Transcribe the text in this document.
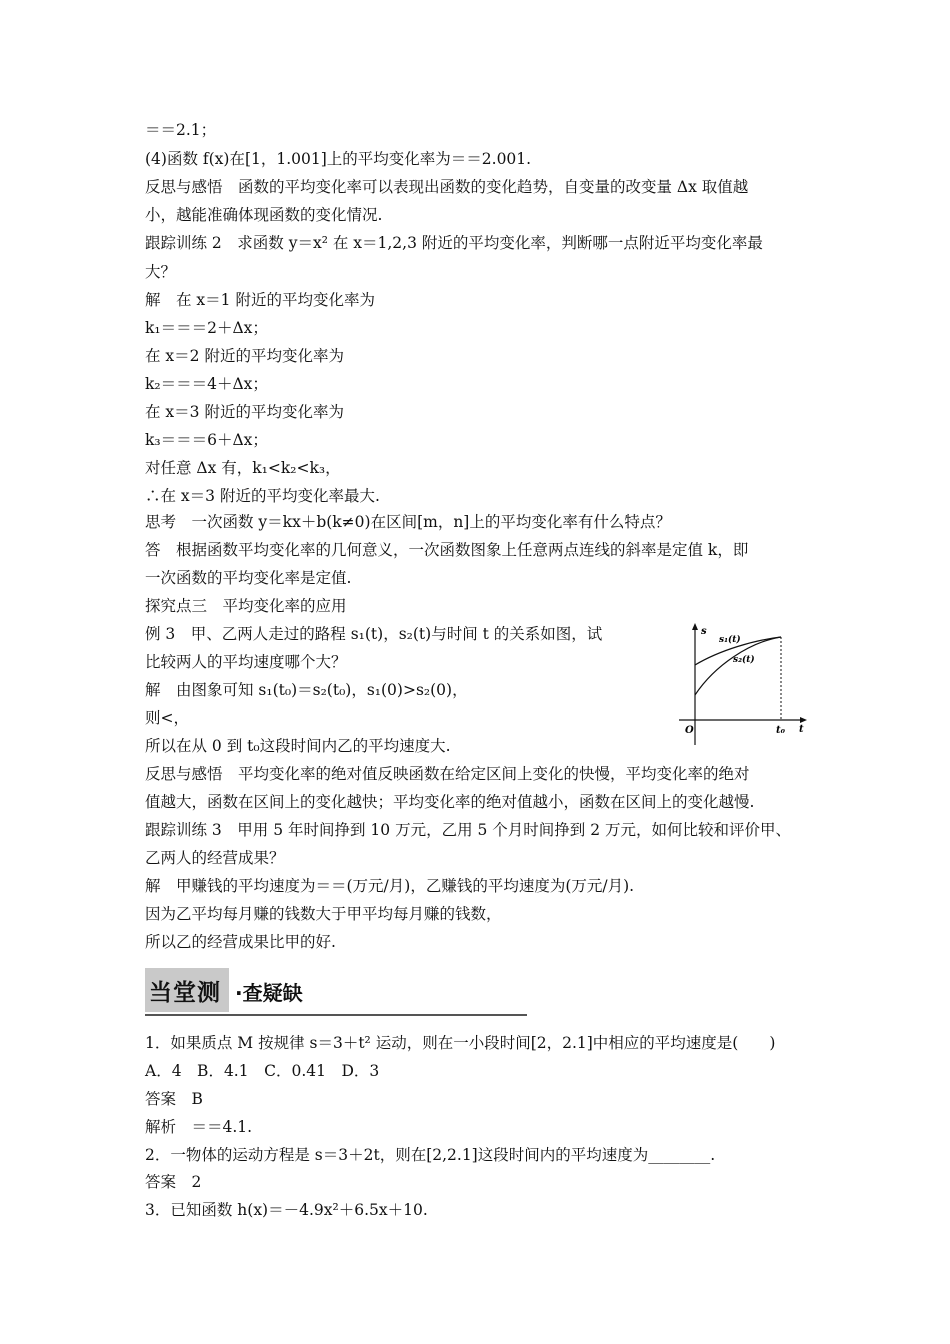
＝＝2.1；
(4)函数 f(x)在[1，1.001]上的平均变化率为＝＝2.001.
反思与感悟　函数的平均变化率可以表现出函数的变化趋势，自变量的改变量 Δx 取值越
小，越能准确体现函数的变化情况.
跟踪训练 2　求函数 y＝x² 在 x＝1,2,3 附近的平均变化率，判断哪一点附近平均变化率最
大？
解　在 x＝1 附近的平均变化率为
k₁＝＝＝2＋Δx；
在 x＝2 附近的平均变化率为
k₂＝＝＝4＋Δx；
在 x＝3 附近的平均变化率为
k₃＝＝＝6＋Δx；
对任意 Δx 有，k₁<k₂<k₃，
∴在 x＝3 附近的平均变化率最大.
思考　一次函数 y＝kx＋b(k≠0)在区间[m，n]上的平均变化率有什么特点？
答　根据函数平均变化率的几何意义，一次函数图象上任意两点连线的斜率是定值 k，即
一次函数的平均变化率是定值.
探究点三　平均变化率的应用
例 3　甲、乙两人走过的路程 s₁(t)，s₂(t)与时间 t 的关系如图，试
比较两人的平均速度哪个大？
解　由图象可知 s₁(t₀)＝s₂(t₀)，s₁(0)>s₂(0)，
则<，
所以在从 0 到 t₀这段时间内乙的平均速度大.
反思与感悟　平均变化率的绝对值反映函数在给定区间上变化的快慢，平均变化率的绝对
值越大，函数在区间上的变化越快；平均变化率的绝对值越小，函数在区间上的变化越慢.
跟踪训练 3　甲用 5 年时间挣到 10 万元，乙用 5 个月时间挣到 2 万元，如何比较和评价甲、
乙两人的经营成果？
解　甲赚钱的平均速度为＝＝(万元/月)，乙赚钱的平均速度为(万元/月).
因为乙平均每月赚的钱数大于甲平均每月赚的钱数，
所以乙的经营成果比甲的好.
当堂测 ·查疑缺
1．如果质点 M 按规律 s＝3＋t² 运动，则在一小段时间[2，2.1]中相应的平均速度是(　　)
A．4　B．4.1　C．0.41　D．3
答案　B
解析　＝＝4.1.
2．一物体的运动方程是 s＝3＋2t，则在[2,2.1]这段时间内的平均速度为________.
答案　2
3．已知函数 h(x)＝－4.9x²＋6.5x＋10.
s
t
O	t₀
s₁(t)
s₂(t)
